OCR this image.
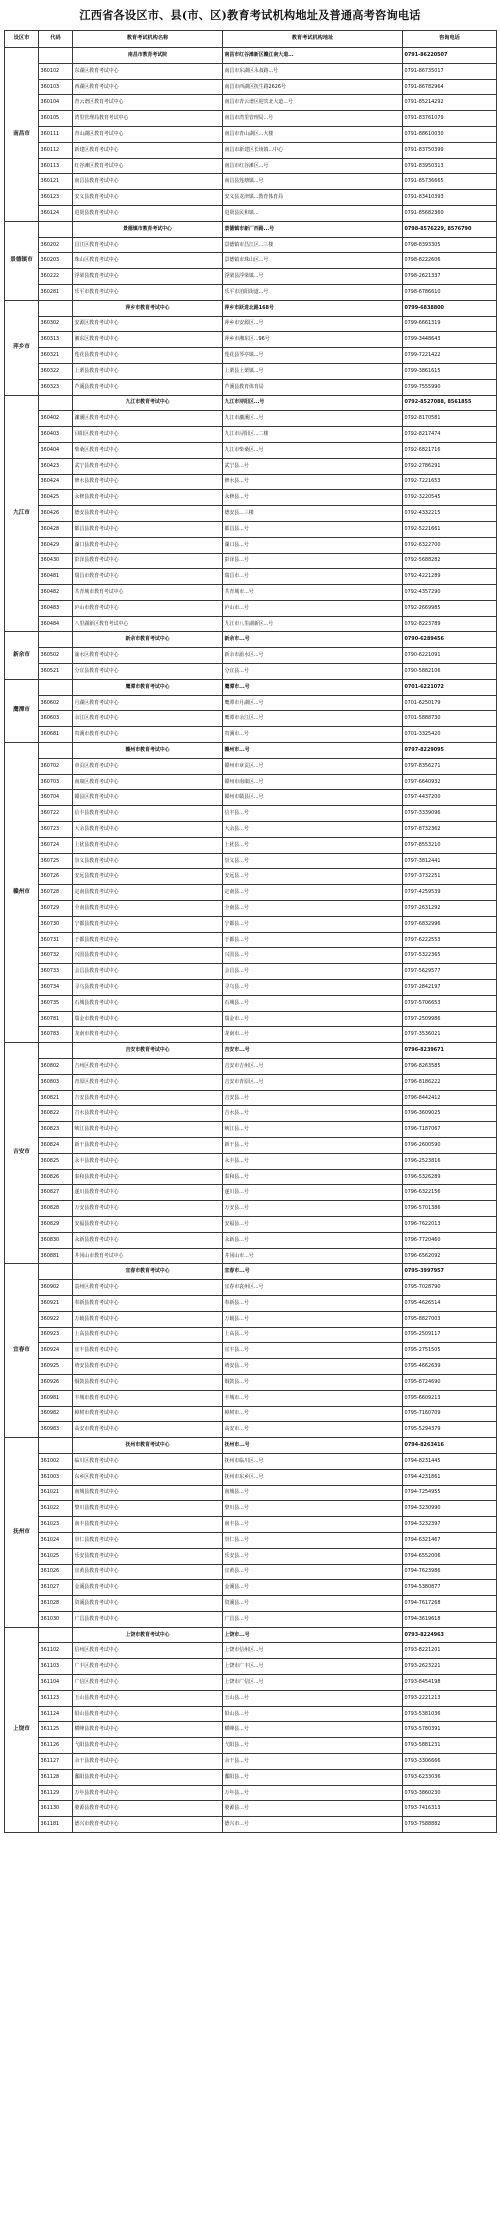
江西省各设区市、县(市、区)教育考试机构地址及普通高考咨询电话
设区市	代码	教育考试机构名称	教育考试机构地址	咨询电话
南昌市		南昌市教育考试院	南昌市红谷滩新区赣江南大道...	0791-86220507
	360102	东湖区教育考试中心	南昌市东湖区永叔路...号	0791-86735017
	360103	西湖区教育考试中心	南昌市西湖区抚生路2626号	0791-86782964
	360104	青云谱区教育考试中心	南昌市青云谱区迎宾北大道...号	0791-85214292
	360105	湾里管理局教育考试中心	南昌市湾里管理局...号	0791-83761079
	360111	青山湖区教育考试中心	南昌市青山湖区...大楼	0791-88610030
	360112	新建区教育考试中心	南昌市新建区长堎镇...中心	0791-83750399
	360113	红谷滩区教育考试中心	南昌市红谷滩区...号	0791-83950313
	360121	南昌县教育考试中心	南昌县莲塘镇...号	0791-85736665
	360123	安义县教育考试中心	安义县龙津镇...教育体育局	0791-83410393
	360124	进贤县教育考试中心	进贤县民和镇...	0791-85682360
景德镇市		景德镇市教育考试中心	景德镇市新厂西路...号	0798-8576229, 8576790
	360202	昌江区教育考试中心	景德镇市昌江区...三楼	0798-8393305
	360203	珠山区教育考试中心	景德镇市珠山区...号	0798-8222606
	360222	浮梁县教育考试中心	浮梁县浮梁镇...号	0798-2621337
	360281	乐平市教育考试中心	乐平市洎阳街道...号	0798-6786610
萍乡市		萍乡市教育考试中心	萍乡市跃进北路168号	0799-6838800
	360302	安源区教育考试中心	萍乡市安源区...号	0799-6661319
	360313	湘东区教育考试中心	萍乡市湘东区...96号	0799-3448643
	360321	莲花县教育考试中心	莲花县琴亭镇...号	0799-7221422
	360322	上栗县教育考试中心	上栗县上栗镇...号	0799-3861615
	360323	芦溪县教育考试中心	芦溪县教育体育局	0799-7555990
九江市		九江市教育考试中心	九江市浔阳区...号	0792-8527088, 8561855
	360402	濂溪区教育考试中心	九江市濂溪区...号	0792-8170581
	360403	浔阳区教育考试中心	九江市浔阳区...二楼	0792-8217474
	360404	柴桑区教育考试中心	九江市柴桑区...号	0792-6821716
	360423	武宁县教育考试中心	武宁县...号	0792-2786291
	360424	修水县教育考试中心	修水县...号	0792-7221653
	360425	永修县教育考试中心	永修县...号	0792-3220545
	360426	德安县教育考试中心	德安县...三楼	0792-4332215
	360428	都昌县教育考试中心	都昌县...号	0792-5221661
	360429	湖口县教育考试中心	湖口县...号	0792-6322700
	360430	彭泽县教育考试中心	彭泽县...号	0792-5688282
	360481	瑞昌市教育考试中心	瑞昌市...号	0792-4221289
	360482	共青城市教育考试中心	共青城市...号	0792-4357290
	360483	庐山市教育考试中心	庐山市...号	0792-2669985
	360484	八里湖新区教育考试中心	九江市八里湖新区...号	0792-8223789
新余市		新余市教育考试中心	新余市...号	0790-6289456
	360502	渝水区教育考试中心	新余市渝水区...号	0790-6221091
	360521	分宜县教育考试中心	分宜县...号	0790-5882106
鹰潭市		鹰潭市教育考试中心	鹰潭市...号	0701-6221072
	360602	月湖区教育考试中心	鹰潭市月湖区...号	0701-6250179
	360603	余江区教育考试中心	鹰潭市余江区...号	0701-5888730
	360681	贵溪市教育考试中心	贵溪市...号	0701-3325420
赣州市		赣州市教育考试中心	赣州市...号	0797-8229095
	360702	章贡区教育考试中心	赣州市章贡区...号	0797-8356271
	360703	南康区教育考试中心	赣州市南康区...号	0797-6640932
	360704	赣县区教育考试中心	赣州市赣县区...号	0797-4437200
	360722	信丰县教育考试中心	信丰县...号	0797-3339096
	360723	大余县教育考试中心	大余县...号	0797-8732362
	360724	上犹县教育考试中心	上犹县...号	0797-8553210
	360725	崇义县教育考试中心	崇义县...号	0797-3812441
	360726	安远县教育考试中心	安远县...号	0797-3732251
	360728	定南县教育考试中心	定南县...号	0797-4259539
	360729	全南县教育考试中心	全南县...号	0797-2631292
	360730	宁都县教育考试中心	宁都县...号	0797-6832996
	360731	于都县教育考试中心	于都县...号	0797-6222553
	360732	兴国县教育考试中心	兴国县...号	0797-5322365
	360733	会昌县教育考试中心	会昌县...号	0797-5629577
	360734	寻乌县教育考试中心	寻乌县...号	0797-2842197
	360735	石城县教育考试中心	石城县...号	0797-5706653
	360781	瑞金市教育考试中心	瑞金市...号	0797-2509986
	360783	龙南市教育考试中心	龙南市...号	0797-3536021
吉安市		吉安市教育考试中心	吉安市...号	0796-8239671
	360802	吉州区教育考试中心	吉安市吉州区...号	0796-8263585
	360803	青原区教育考试中心	吉安市青原区...号	0796-8186222
	360821	吉安县教育考试中心	吉安县...号	0796-8442412
	360822	吉水县教育考试中心	吉水县...号	0796-3609025
	360823	峡江县教育考试中心	峡江县...号	0796-7187067
	360824	新干县教育考试中心	新干县...号	0796-2600590
	360825	永丰县教育考试中心	永丰县...号	0796-2523816
	360826	泰和县教育考试中心	泰和县...号	0796-5326289
	360827	遂川县教育考试中心	遂川县...号	0796-6322156
	360828	万安县教育考试中心	万安县...号	0796-5701386
	360829	安福县教育考试中心	安福县...号	0796-7622013
	360830	永新县教育考试中心	永新县...号	0796-7720460
	360881	井冈山市教育考试中心	井冈山市...号	0796-6562092
宜春市		宜春市教育考试中心	宜春市...号	0795-3997957
	360902	袁州区教育考试中心	宜春市袁州区...号	0795-7028790
	360921	奉新县教育考试中心	奉新县...号	0795-4626514
	360922	万载县教育考试中心	万载县...号	0795-8827003
	360923	上高县教育考试中心	上高县...号	0795-2509117
	360924	宜丰县教育考试中心	宜丰县...号	0795-2751505
	360925	靖安县教育考试中心	靖安县...号	0795-4662639
	360926	铜鼓县教育考试中心	铜鼓县...号	0795-8724690
	360981	丰城市教育考试中心	丰城市...号	0795-6609213
	360982	樟树市教育考试中心	樟树市...号	0795-7160709
	360983	高安市教育考试中心	高安市...号	0795-5294379
抚州市		抚州市教育考试中心	抚州市...号	0794-8263416
	361002	临川区教育考试中心	抚州市临川区...号	0794-8231445
	361003	东乡区教育考试中心	抚州市东乡区...号	0794-4231861
	361021	南城县教育考试中心	南城县...号	0794-7254955
	361022	黎川县教育考试中心	黎川县...号	0794-3230990
	361023	南丰县教育考试中心	南丰县...号	0794-3232397
	361024	崇仁县教育考试中心	崇仁县...号	0794-6321467
	361025	乐安县教育考试中心	乐安县...号	0794-6552006
	361026	宜黄县教育考试中心	宜黄县...号	0794-7623986
	361027	金溪县教育考试中心	金溪县...号	0794-5380877
	361028	资溪县教育考试中心	资溪县...号	0794-7617268
	361030	广昌县教育考试中心	广昌县...号	0794-3619618
上饶市		上饶市教育考试中心	上饶市...号	0793-8224963
	361102	信州区教育考试中心	上饶市信州区...号	0793-8221201
	361103	广丰区教育考试中心	上饶市广丰区...号	0793-2623221
	361104	广信区教育考试中心	上饶市广信区...号	0793-8454198
	361123	玉山县教育考试中心	玉山县...号	0793-2221213
	361124	铅山县教育考试中心	铅山县...号	0793-5381036
	361125	横峰县教育考试中心	横峰县...号	0793-5780391
	361126	弋阳县教育考试中心	弋阳县...号	0793-5881231
	361127	余干县教育考试中心	余干县...号	0793-3306666
	361128	鄱阳县教育考试中心	鄱阳县...号	0793-6233036
	361129	万年县教育考试中心	万年县...号	0793-3860230
	361130	婺源县教育考试中心	婺源县...号	0793-7416313
	361181	德兴市教育考试中心	德兴市...号	0793-7588882
